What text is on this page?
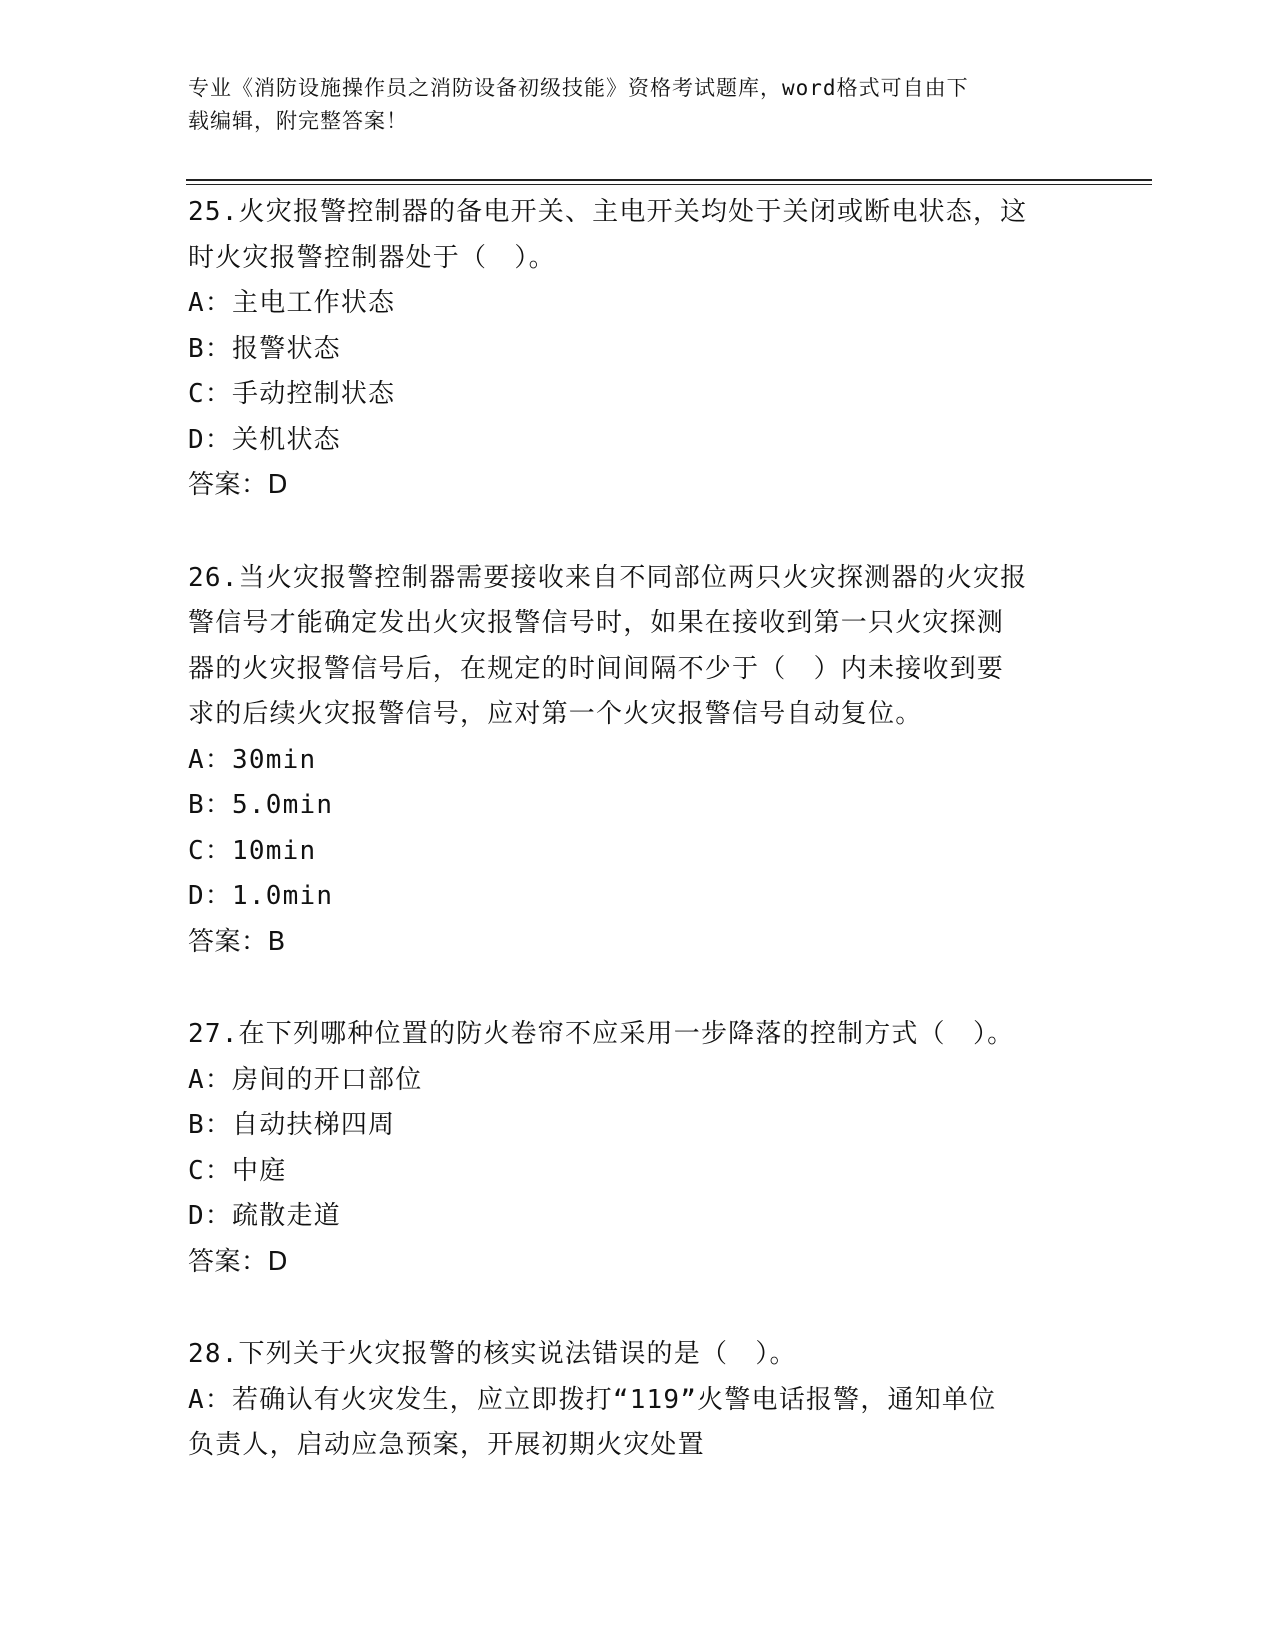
专业《消防设施操作员之消防设备初级技能》资格考试题库，word格式可自由下
载编辑，附完整答案！

25.火灾报警控制器的备电开关、主电开关均处于关闭或断电状态，这

时火灾报警控制器处于（　）。

A：主电工作状态

B：报警状态

C：手动控制状态

D：关机状态

答案：D

26.当火灾报警控制器需要接收来自不同部位两只火灾探测器的火灾报

警信号才能确定发出火灾报警信号时，如果在接收到第一只火灾探测

器的火灾报警信号后，在规定的时间间隔不少于（　）内未接收到要

求的后续火灾报警信号，应对第一个火灾报警信号自动复位。

A：30min

B：5.0min

C：10min

D：1.0min

答案：B

27.在下列哪种位置的防火卷帘不应采用一步降落的控制方式（　）。

A：房间的开口部位

B：自动扶梯四周

C：中庭

D：疏散走道

答案：D

28.下列关于火灾报警的核实说法错误的是（　）。

A：若确认有火灾发生，应立即拨打“119”火警电话报警，通知单位

负责人，启动应急预案，开展初期火灾处置
